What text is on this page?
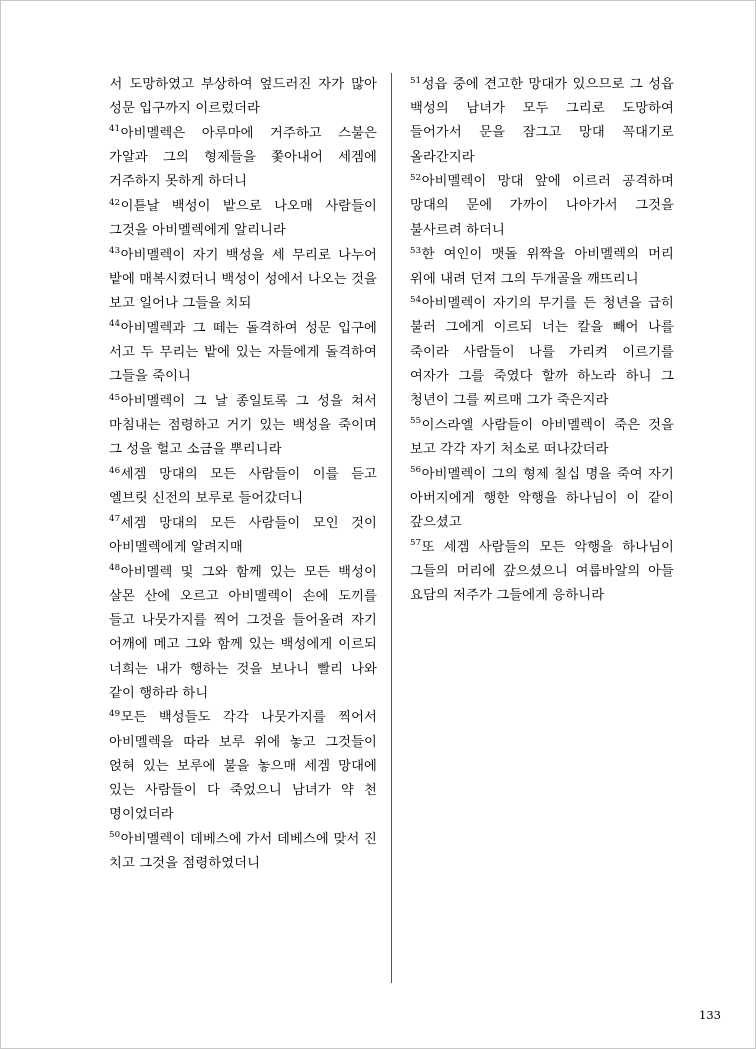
서 도망하였고 부상하여 엎드러진 자가 많아 성문 입구까지 이르렀더라

$^{41}$아비멜렉은 아루마에 거주하고 스불은 가알과 그의 형제들을 쫓아내어 세겜에 거주하지 못하게 하더니

$^{42}$이튿날 백성이 밭으로 나오매 사람들이 그것을 아비멜렉에게 알리니라

$^{43}$아비멜렉이 자기 백성을 세 무리로 나누어 밭에 매복시켰더니 백성이 성에서 나오는 것을 보고 일어나 그들을 치되

$^{44}$아비멜렉과 그 떼는 돌격하여 성문 입구에 서고 두 무리는 밭에 있는 자들에게 돌격하여 그들을 죽이니

$^{45}$아비멜렉이 그 날 종일토록 그 성을 쳐서 마침내는 점령하고 거기 있는 백성을 죽이며 그 성을 헐고 소금을 뿌리니라

$^{46}$세겜 망대의 모든 사람들이 이를 듣고 엘브릿 신전의 보루로 들어갔더니

$^{47}$세겜 망대의 모든 사람들이 모인 것이 아비멜렉에게 알려지매

$^{48}$아비멜렉 및 그와 함께 있는 모든 백성이 살몬 산에 오르고 아비멜렉이 손에 도끼를 들고 나뭇가지를 찍어 그것을 들어올려 자기 어깨에 메고 그와 함께 있는 백성에게 이르되 너희는 내가 행하는 것을 보나니 빨리 나와 같이 행하라 하니

$^{49}$모든 백성들도 각각 나뭇가지를 찍어서 아비멜렉을 따라 보루 위에 놓고 그것들이 얹혀 있는 보루에 불을 놓으매 세겜 망대에 있는 사람들이 다 죽었으니 남녀가 약 천 명이었더라

$^{50}$아비멜렉이 데베스에 가서 데베스에 맞서 진 치고 그것을 점령하였더니

$^{51}$성읍 중에 견고한 망대가 있으므로 그 성읍 백성의 남녀가 모두 그리로 도망하여 들어가서 문을 잠그고 망대 꼭대기로 올라간지라

$^{52}$아비멜렉이 망대 앞에 이르러 공격하며 망대의 문에 가까이 나아가서 그것을 불사르려 하더니

$^{53}$한 여인이 맷돌 위짝을 아비멜렉의 머리 위에 내려 던져 그의 두개골을 깨뜨리니

$^{54}$아비멜렉이 자기의 무기를 든 청년을 급히 불러 그에게 이르되 너는 칼을 빼어 나를 죽이라 사람들이 나를 가리켜 이르기를 여자가 그를 죽였다 할까 하노라 하니 그 청년이 그를 찌르매 그가 죽은지라

$^{55}$이스라엘 사람들이 아비멜렉이 죽은 것을 보고 각각 자기 처소로 떠나갔더라

$^{56}$아비멜렉이 그의 형제 칠십 명을 죽여 자기 아버지에게 행한 악행을 하나님이 이 같이 갚으셨고

$^{57}$또 세겜 사람들의 모든 악행을 하나님이 그들의 머리에 갚으셨으니 여룹바알의 아들 요담의 저주가 그들에게 응하니라

133
